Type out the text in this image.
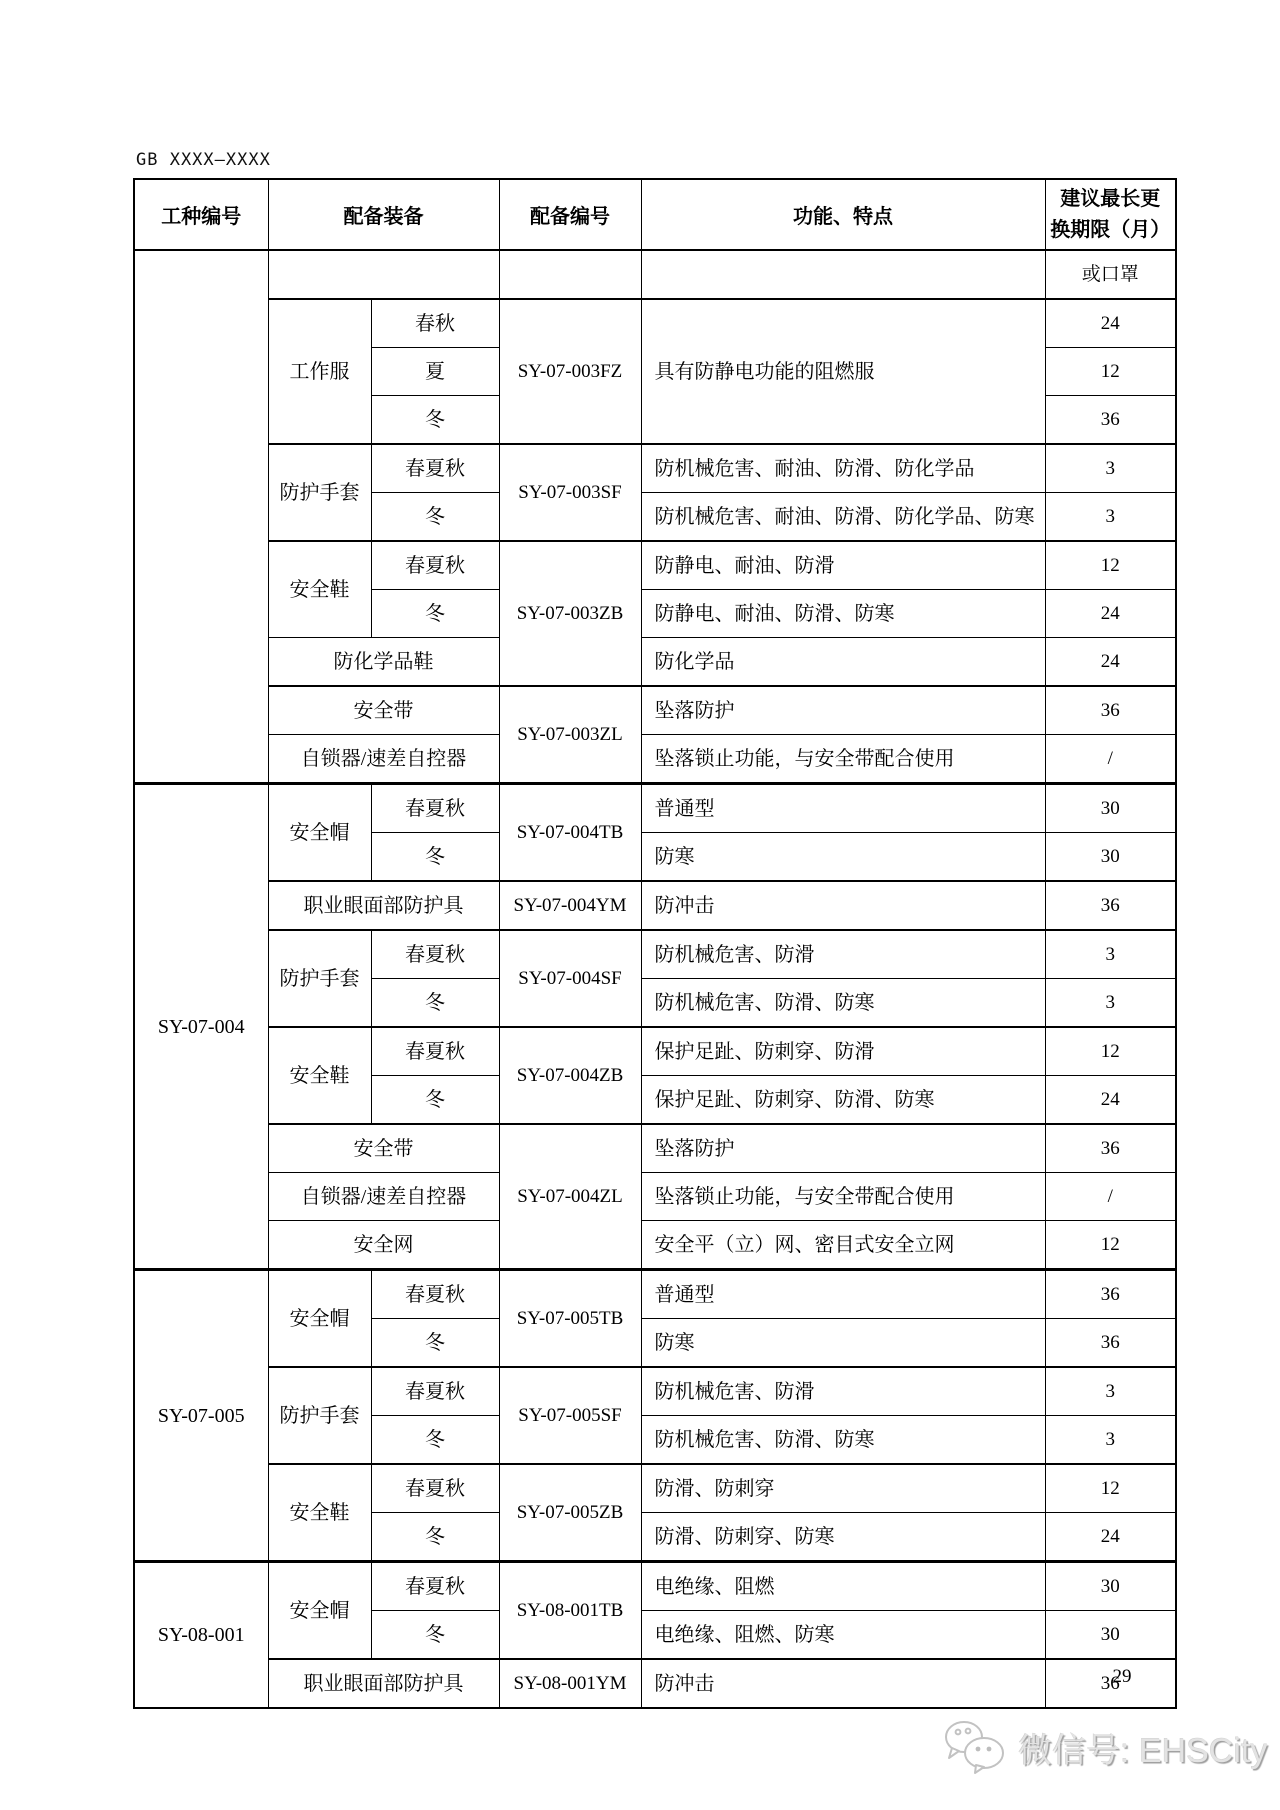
GB XXXX—XXXX
工种编号	配备装备		配备编号	功能、特点	建议最长更
换期限（月）

					或口罩
	工作服	春秋	SY-07-003FZ	具有防静电功能的阻燃服	24
		夏			12
		冬			36
	防护手套	春夏秋	SY-07-003SF	防机械危害、耐油、防滑、防化学品	3
		冬		防机械危害、耐油、防滑、防化学品、防寒	3
	安全鞋	春夏秋	SY-07-003ZB	防静电、耐油、防滑	12
		冬		防静电、耐油、防滑、防寒	24
	防化学品鞋			防化学品	24
	安全带		SY-07-003ZL	坠落防护	36
	自锁器/速差自控器			坠落锁止功能，与安全带配合使用	/
SY-07-004	安全帽	春夏秋	SY-07-004TB	普通型	30
		冬		防寒	30
	职业眼面部防护具		SY-07-004YM	防冲击	36
	防护手套	春夏秋	SY-07-004SF	防机械危害、防滑	3
		冬		防机械危害、防滑、防寒	3
	安全鞋	春夏秋	SY-07-004ZB	保护足趾、防刺穿、防滑	12
		冬		保护足趾、防刺穿、防滑、防寒	24
	安全带		SY-07-004ZL	坠落防护	36
	自锁器/速差自控器			坠落锁止功能，与安全带配合使用	/
	安全网			安全平（立）网、密目式安全立网	12
SY-07-005	安全帽	春夏秋	SY-07-005TB	普通型	36
		冬		防寒	36
	防护手套	春夏秋	SY-07-005SF	防机械危害、防滑	3
		冬		防机械危害、防滑、防寒	3
	安全鞋	春夏秋	SY-07-005ZB	防滑、防刺穿	12
		冬		防滑、防刺穿、防寒	24
SY-08-001	安全帽	春夏秋	SY-08-001TB	电绝缘、阻燃	30
		冬		电绝缘、阻燃、防寒	30
	职业眼面部防护具		SY-08-001YM	防冲击	36
29
微信号: EHSCity
